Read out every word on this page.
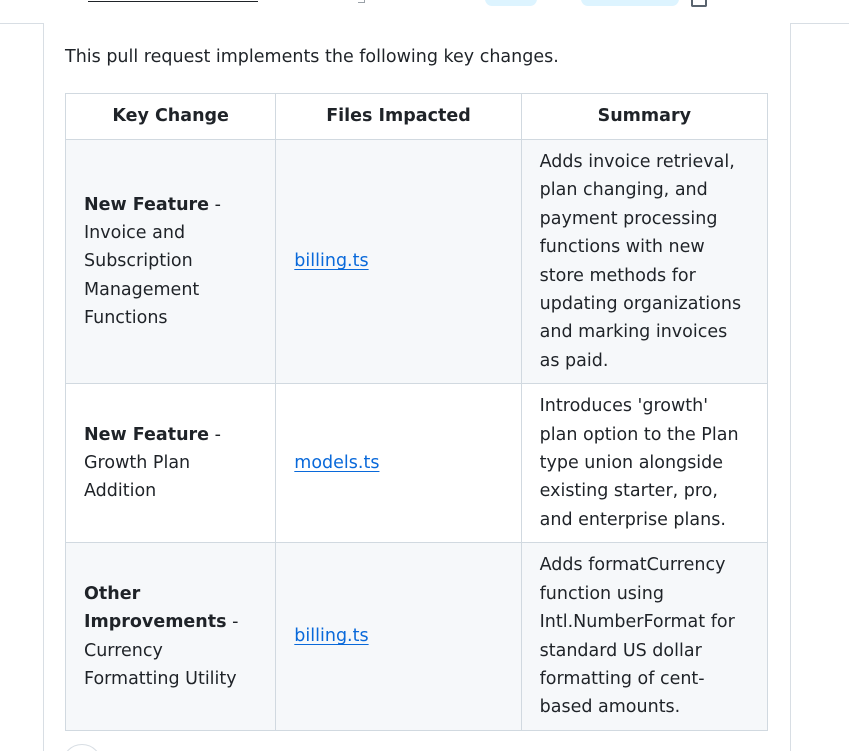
This pull request implements the following key changes.

Key Change	Files Impacted	Summary
New Feature - Invoice and Subscription Management Functions	billing.ts	Adds invoice retrieval, plan changing, and payment processing functions with new store methods for updating organizations and marking invoices as paid.
New Feature - Growth Plan Addition	models.ts	Introduces 'growth' plan option to the Plan type union alongside existing starter, pro, and enterprise plans.
Other Improvements - Currency Formatting Utility	billing.ts	Adds formatCurrency function using Intl.NumberFormat for standard US dollar formatting of cent-based amounts.
